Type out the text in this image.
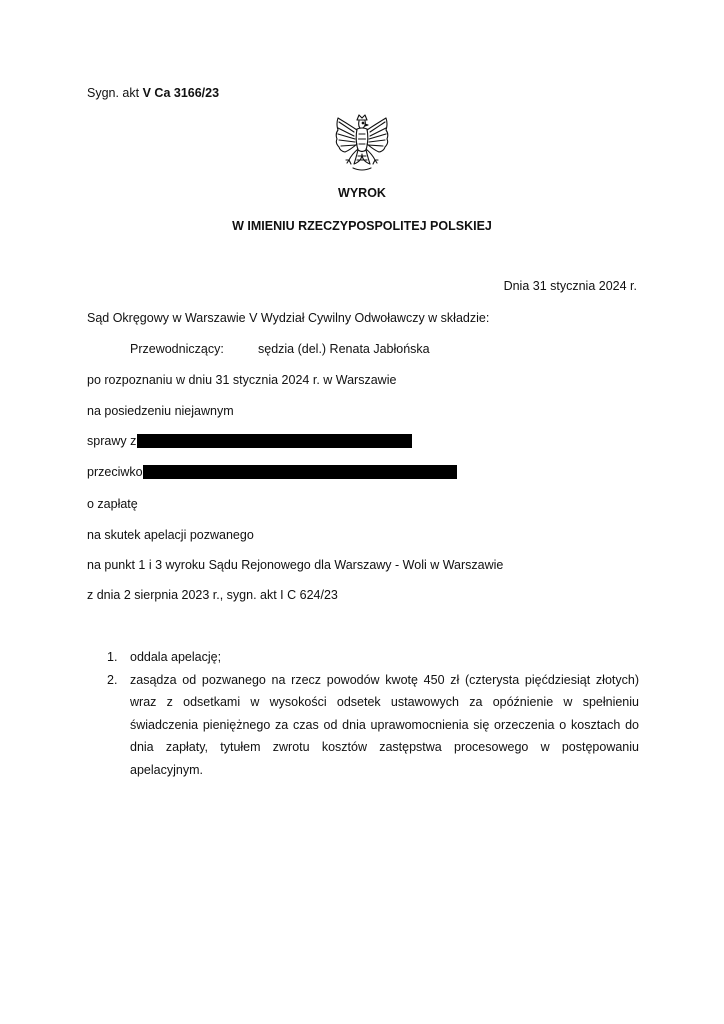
Sygn. akt V Ca 3166/23
WYROK
W IMIENIU RZECZYPOSPOLITEJ POLSKIEJ
Dnia 31 stycznia 2024 r.
Sąd Okręgowy w Warszawie V Wydział Cywilny Odwoławczy w składzie:
Przewodniczący:	sędzia (del.) Renata Jabłońska
po rozpoznaniu w dniu 31 stycznia 2024 r. w Warszawie
na posiedzeniu niejawnym
sprawy z
przeciwko
o zapłatę
na skutek apelacji pozwanego
na punkt 1 i 3 wyroku Sądu Rejonowego dla Warszawy - Woli w Warszawie
z dnia 2 sierpnia 2023 r., sygn. akt I C 624/23
1. oddala apelację;
2. zasądza od pozwanego na rzecz powodów kwotę 450 zł (czterysta pięćdziesiąt złotych) wraz z odsetkami w wysokości odsetek ustawowych za opóźnienie w spełnieniu świadczenia pieniężnego za czas od dnia uprawomocnienia się orzeczenia o kosztach do dnia zapłaty, tytułem zwrotu kosztów zastępstwa procesowego w postępowaniu apelacyjnym.
